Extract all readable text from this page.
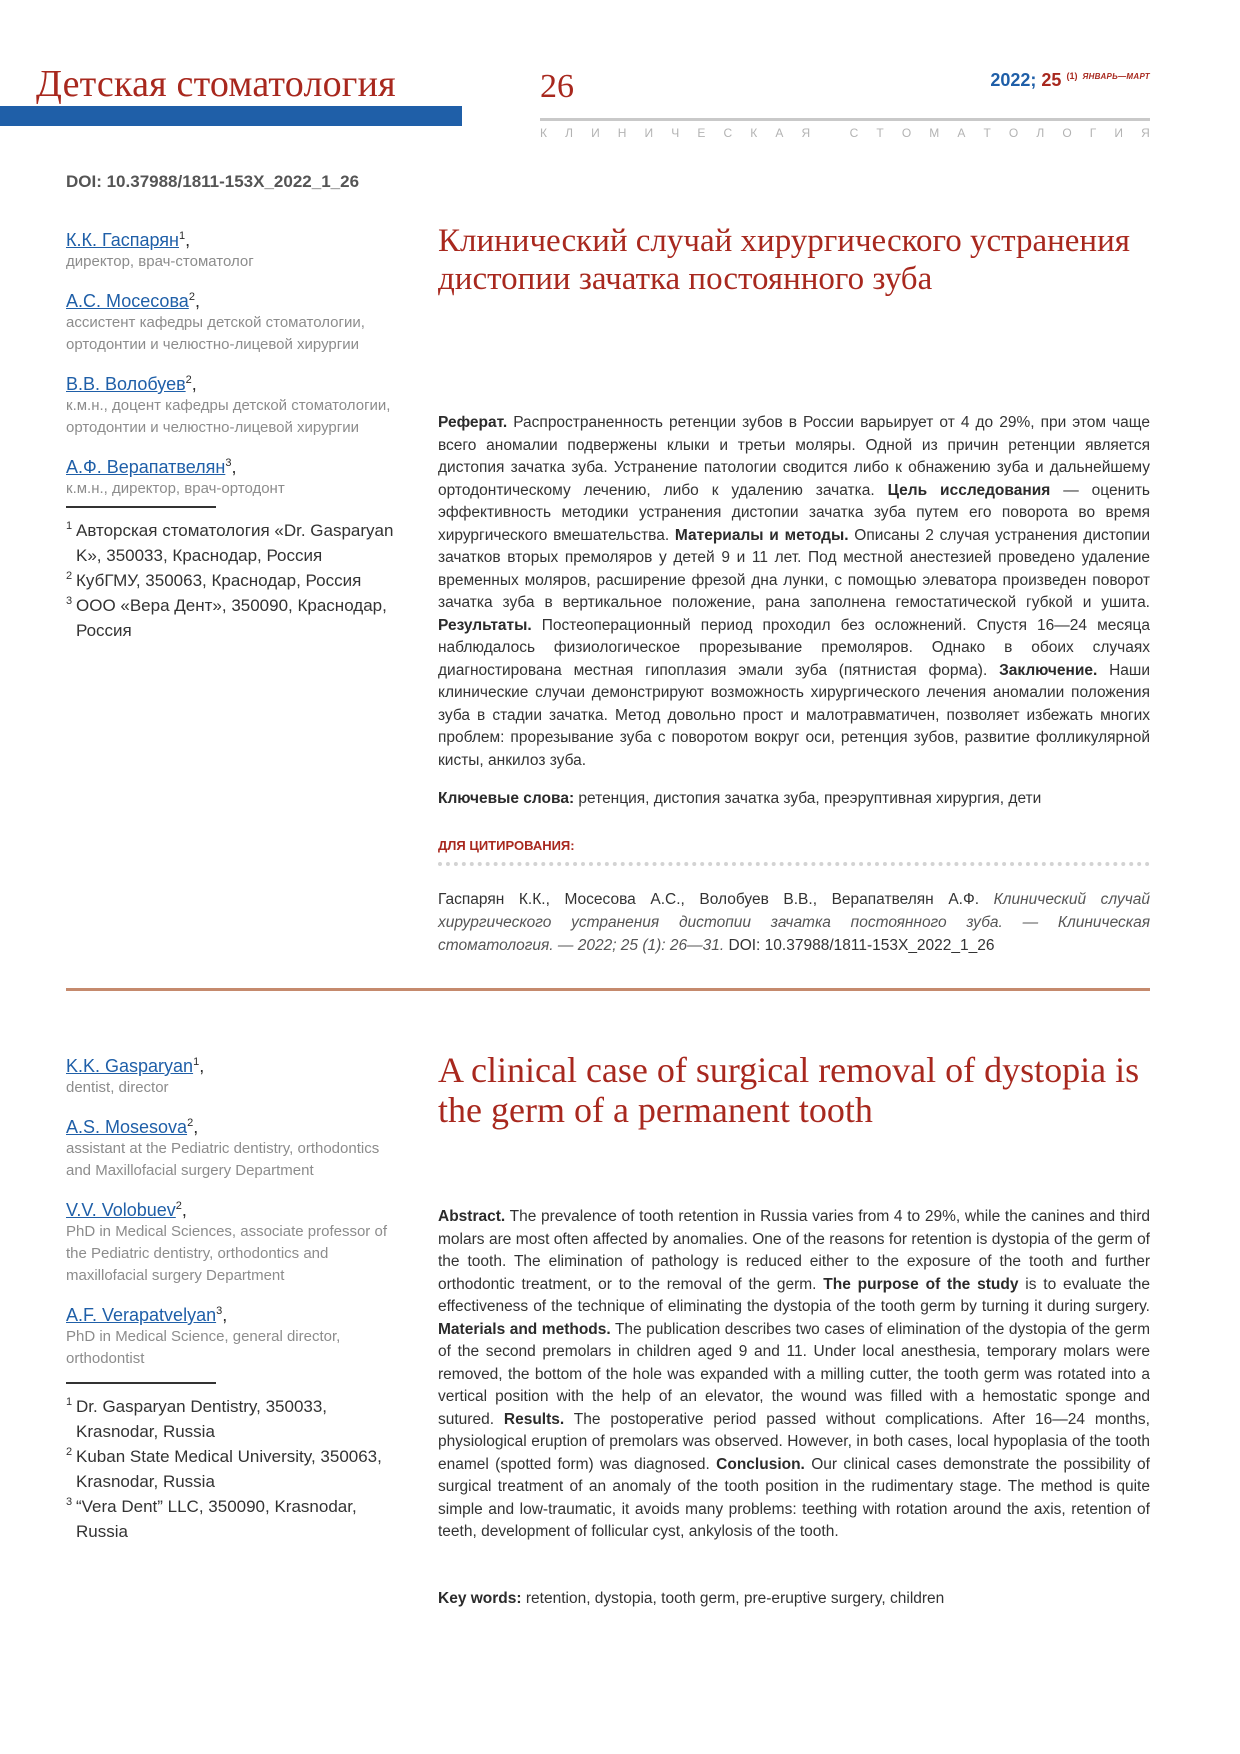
Детская стоматология	26	2022; 25 $^{(1)}$ $^{ЯНВАРЬ—МАРТ}$
К Л И Н И Ч Е С К А Я
	С Т О М А Т О Л О Г И Я
DOI: 10.37988/1811-153X_2022_1_26
К.К. Гаспарян$^1$,
директор, врач-стоматолог
А.С. Мосесова$^2$,
ассистент кафедры детской стоматологии, ортодонтии и челюстно-лицевой хирургии
В.В. Волобуев$^2$,
к.м.н., доцент кафедры детской стоматологии, ортодонтии и челюстно-лицевой хирургии
А.Ф. Верапатвелян$^3$,
к.м.н., директор, врач-ортодонт
1 Авторская стоматология «Dr. Gasparyan K», 350033, Краснодар, Россия
2 КубГМУ, 350063, Краснодар, Россия
3 ООО «Вера Дент», 350090, Краснодар, Россия
Клинический случай хирургического устранения дистопии зачатка постоянного зуба
Реферат. Распространенность ретенции зубов в России варьирует от 4 до 29%, при этом чаще всего аномалии подвержены клыки и третьи моляры. Одной из причин ретенции является дистопия зачатка зуба. Устранение патологии сводится либо к обнажению зуба и дальнейшему ортодонтическому лечению, либо к удалению зачатка. Цель исследования — оценить эффективность методики устранения дистопии зачатка зуба путем его поворота во время хирургического вмешательства. Материалы и методы. Описаны 2 случая устранения дистопии зачатков вторых премоляров у детей 9 и 11 лет. Под местной анестезией проведено удаление временных моляров, расширение фрезой дна лунки, с помощью элеватора произведен поворот зачатка зуба в вертикальное положение, рана заполнена гемостатической губкой и ушита. Результаты. Постеоперационный период проходил без осложнений. Спустя 16—24 месяца наблюдалось физиологическое прорезывание премоляров. Однако в обоих случаях диагностирована местная гипоплазия эмали зуба (пятнистая форма). Заключение. Наши клинические случаи демонстрируют возможность хирургического лечения аномалии положения зуба в стадии зачатка. Метод довольно прост и малотравматичен, позволяет избежать многих проблем: прорезывание зуба с поворотом вокруг оси, ретенция зубов, развитие фолликулярной кисты, анкилоз зуба.
Ключевые слова: ретенция, дистопия зачатка зуба, преэруптивная хирургия, дети
ДЛЯ ЦИТИРОВАНИЯ:
Гаспарян К.К., Мосесова А.С., Волобуев В.В., Верапатвелян А.Ф. Клинический случай хирургического устранения дистопии зачатка постоянного зуба. — Клиническая стоматология. — 2022; 25 (1): 26—31. DOI: 10.37988/1811-153X_2022_1_26
K.K. Gasparyan$^1$,
dentist, director
A.S. Mosesova$^2$,
assistant at the Pediatric dentistry, orthodontics and Maxillofacial surgery Department
V.V. Volobuev$^2$,
PhD in Medical Sciences, associate professor of the Pediatric dentistry, orthodontics and maxillofacial surgery Department
A.F. Verapatvelyan$^3$,
PhD in Medical Science, general director, orthodontist
1 Dr. Gasparyan Dentistry, 350033, Krasnodar, Russia
2 Kuban State Medical University, 350063, Krasnodar, Russia
3 “Vera Dent” LLC, 350090, Krasnodar, Russia
A clinical case of surgical removal of dystopia is the germ of a permanent tooth
Abstract. The prevalence of tooth retention in Russia varies from 4 to 29%, while the canines and third molars are most often affected by anomalies. One of the reasons for retention is dystopia of the germ of the tooth. The elimination of pathology is reduced either to the exposure of the tooth and further orthodontic treatment, or to the removal of the germ. The purpose of the study is to evaluate the effectiveness of the technique of eliminating the dystopia of the tooth germ by turning it during surgery. Materials and methods. The publication describes two cases of elimination of the dystopia of the germ of the second premolars in children aged 9 and 11. Under local anesthesia, temporary molars were removed, the bottom of the hole was expanded with a milling cutter, the tooth germ was rotated into a vertical position with the help of an elevator, the wound was filled with a hemostatic sponge and sutured. Results. The postoperative period passed without complications. After 16—24 months, physiological eruption of premolars was observed. However, in both cases, local hypoplasia of the tooth enamel (spotted form) was diagnosed. Conclusion. Our clinical cases demonstrate the possibility of surgical treatment of an anomaly of the tooth position in the rudimentary stage. The method is quite simple and low-traumatic, it avoids many problems: teething with rotation around the axis, retention of teeth, development of follicular cyst, ankylosis of the tooth.
Key words: retention, dystopia, tooth germ, pre-eruptive surgery, children
